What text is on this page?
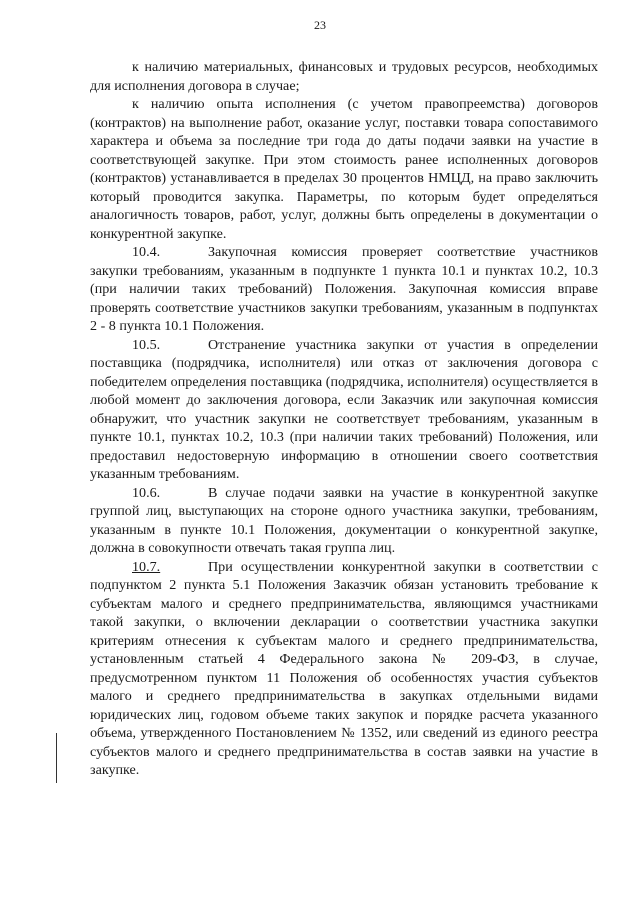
23

к наличию материальных, финансовых и трудовых ресурсов, необходимых для исполнения договора в случае;

к наличию опыта исполнения (с учетом правопреемства) договоров (контрактов) на выполнение работ, оказание услуг, поставки товара сопоставимого характера и объема за последние три года до даты подачи заявки на участие в соответствующей закупке. При этом стоимость ранее исполненных договоров (контрактов) устанавливается в пределах 30 процентов НМЦД, на право заключить который проводится закупка. Параметры, по которым будет определяться аналогичность товаров, работ, услуг, должны быть определены в документации о конкурентной закупке.

10.4.	Закупочная комиссия проверяет соответствие участников закупки требованиям, указанным в подпункте 1 пункта 10.1 и пунктах 10.2, 10.3 (при наличии таких требований) Положения. Закупочная комиссия вправе проверять соответствие участников закупки требованиям, указанным в подпунктах 2 - 8 пункта 10.1 Положения.

10.5.	Отстранение участника закупки от участия в определении поставщика (подрядчика, исполнителя) или отказ от заключения договора с победителем определения поставщика (подрядчика, исполнителя) осуществляется в любой момент до заключения договора, если Заказчик или закупочная комиссия обнаружит, что участник закупки не соответствует требованиям, указанным в пункте 10.1, пунктах 10.2, 10.3 (при наличии таких требований) Положения, или предоставил недостоверную информацию в отношении своего соответствия указанным требованиям.

10.6.	В случае подачи заявки на участие в конкурентной закупке группой лиц, выступающих на стороне одного участника закупки, требованиям, указанным в пункте 10.1 Положения, документации о конкурентной закупке, должна в совокупности отвечать такая группа лиц.

10.7.	При осуществлении конкурентной закупки в соответствии с подпунктом 2 пункта 5.1 Положения Заказчик обязан установить требование к субъектам малого и среднего предпринимательства, являющимся участниками такой закупки, о включении декларации о соответствии участника закупки критериям отнесения к субъектам малого и среднего предпринимательства, установленным статьей 4 Федерального закона № 209-ФЗ, в случае, предусмотренном пунктом 11 Положения об особенностях участия субъектов малого и среднего предпринимательства в закупках отдельными видами юридических лиц, годовом объеме таких закупок и порядке расчета указанного объема, утвержденного Постановлением № 1352, или сведений из единого реестра субъектов малого и среднего предпринимательства в состав заявки на участие в закупке.
